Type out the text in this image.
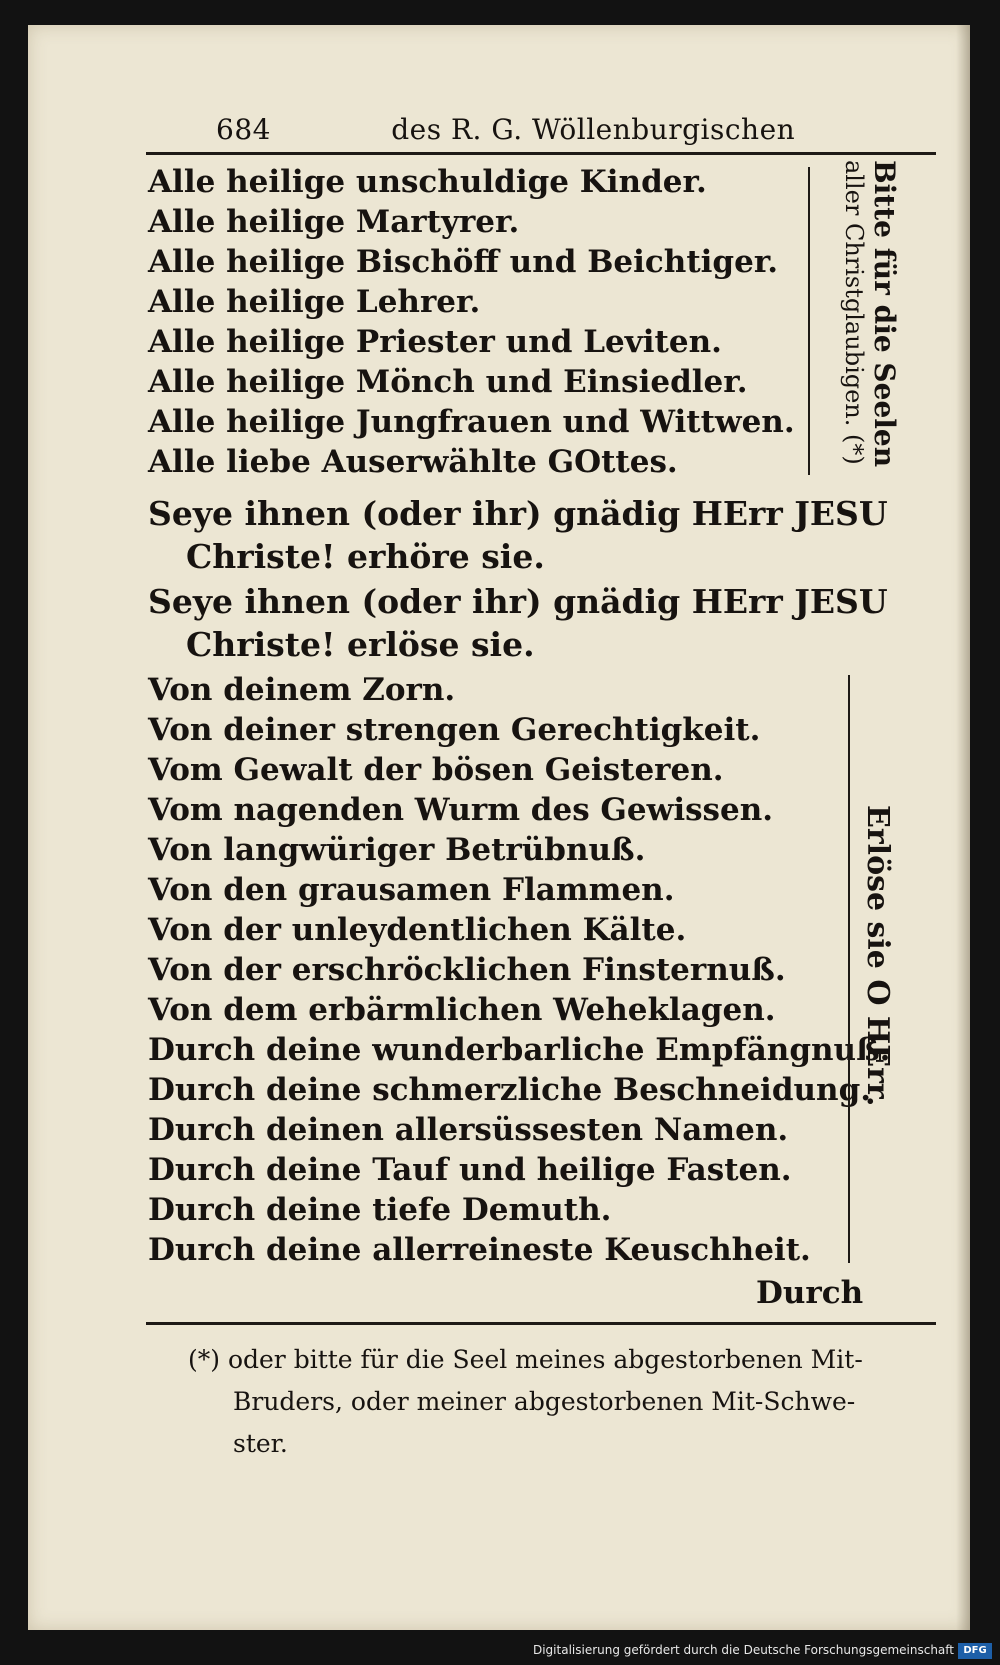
684	des R. G. Wöllenburgischen
Alle heilige unschuldige Kinder.
Alle heilige Martyrer.
Alle heilige Bischöff und Beichtiger.
Alle heilige Lehrer.
Alle heilige Priester und Leviten.
Alle heilige Mönch und Einsiedler.
Alle heilige Jungfrauen und Wittwen.
Alle liebe Auserwählte GOttes.	Bitte für die Seelen
aller Christglaubigen. (*)
Seye ihnen (oder ihr) gnädig HErr JESU
Christe! erhöre sie.
Seye ihnen (oder ihr) gnädig HErr JESU
Christe! erlöse sie.
Von deinem Zorn.
Von deiner strengen Gerechtigkeit.
Vom Gewalt der bösen Geisteren.
Vom nagenden Wurm des Gewissen.
Von langwüriger Betrübnuß.
Von den grausamen Flammen.
Von der unleydentlichen Kälte.
Von der erschröcklichen Finsternuß.
Von dem erbärmlichen Weheklagen.
Durch deine wunderbarliche Empfängnuß.
Durch deine schmerzliche Beschneidung.
Durch deinen allersüssesten Namen.
Durch deine Tauf und heilige Fasten.
Durch deine tiefe Demuth.
Durch deine allerreineste Keuschheit.
Erlöse sie O HErr.
Durch
(*) oder bitte für die Seel meines abgestorbenen Mit-
Bruders, oder meiner abgestorbenen Mit-Schwe-
ster.
Digitalisierung gefördert durch die Deutsche Forschungsgemeinschaft DFG
